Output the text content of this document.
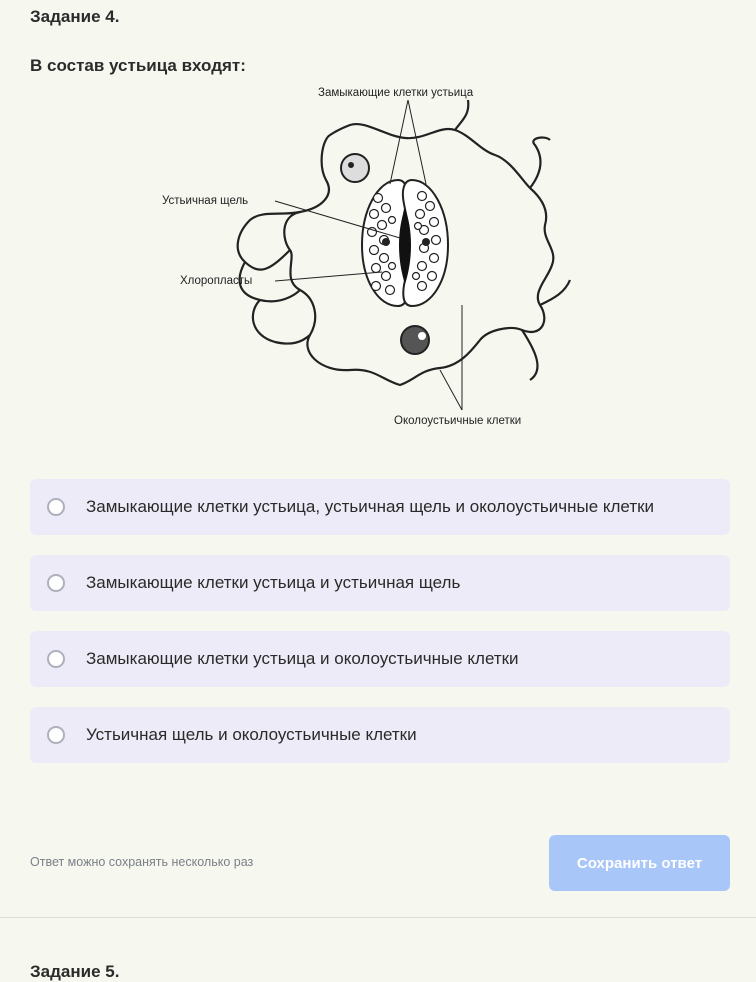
Задание 4.
В состав устьица входят:
Замыкающие клетки устьица
Устьичная щель
Хлоропласты
Околоустьичные клетки
Замыкающие клетки устьица, устьичная щель и околоустьичные клетки
Замыкающие клетки устьица и устьичная щель
Замыкающие клетки устьица и околоустьичные клетки
Устьичная щель и околоустьичные клетки
Ответ можно сохранять несколько раз	Сохранить ответ
Задание 5.
